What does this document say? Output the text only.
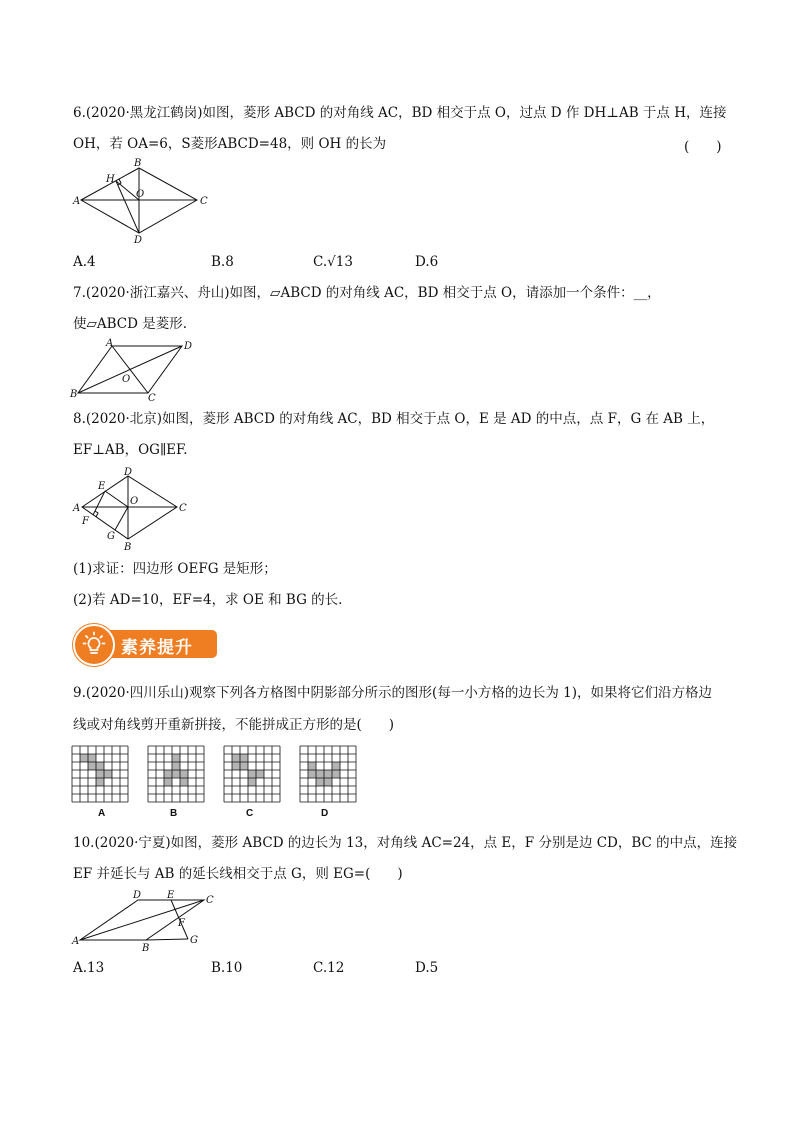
6.(2020·黑龙江鹤岗)如图，菱形 ABCD 的对角线 AC，BD 相交于点 O，过点 D 作 DH⊥AB 于点 H，连接
OH，若 OA=6，S菱形ABCD=48，则 OH 的长为	(　　)
A
B
C
D
H
O
A.4	B.8	C.√13	D.6
7.(2020·浙江嘉兴、舟山)如图，▱ABCD 的对角线 AC，BD 相交于点 O，请添加一个条件：__，
使▱ABCD 是菱形.
A	D
B	C
O
8.(2020·北京)如图，菱形 ABCD 的对角线 AC，BD 相交于点 O，E 是 AD 的中点，点 F，G 在 AB 上，
EF⊥AB，OG∥EF.
D
E
A
F
O
C
G
B
(1)求证：四边形 OEFG 是矩形；
(2)若 AD=10，EF=4，求 OE 和 BG 的长.
素养提升
9.(2020·四川乐山)观察下列各方格图中阴影部分所示的图形(每一小方格的边长为 1)，如果将它们沿方格边
线或对角线剪开重新拼接，不能拼成正方形的是(　　)
A	B	C	D
10.(2020·宁夏)如图，菱形 ABCD 的边长为 13，对角线 AC=24，点 E，F 分别是边 CD，BC 的中点，连接
EF 并延长与 AB 的延长线相交于点 G，则 EG=(　　)
A
D	E	C
F
B
G
A.13	B.10	C.12	D.5
